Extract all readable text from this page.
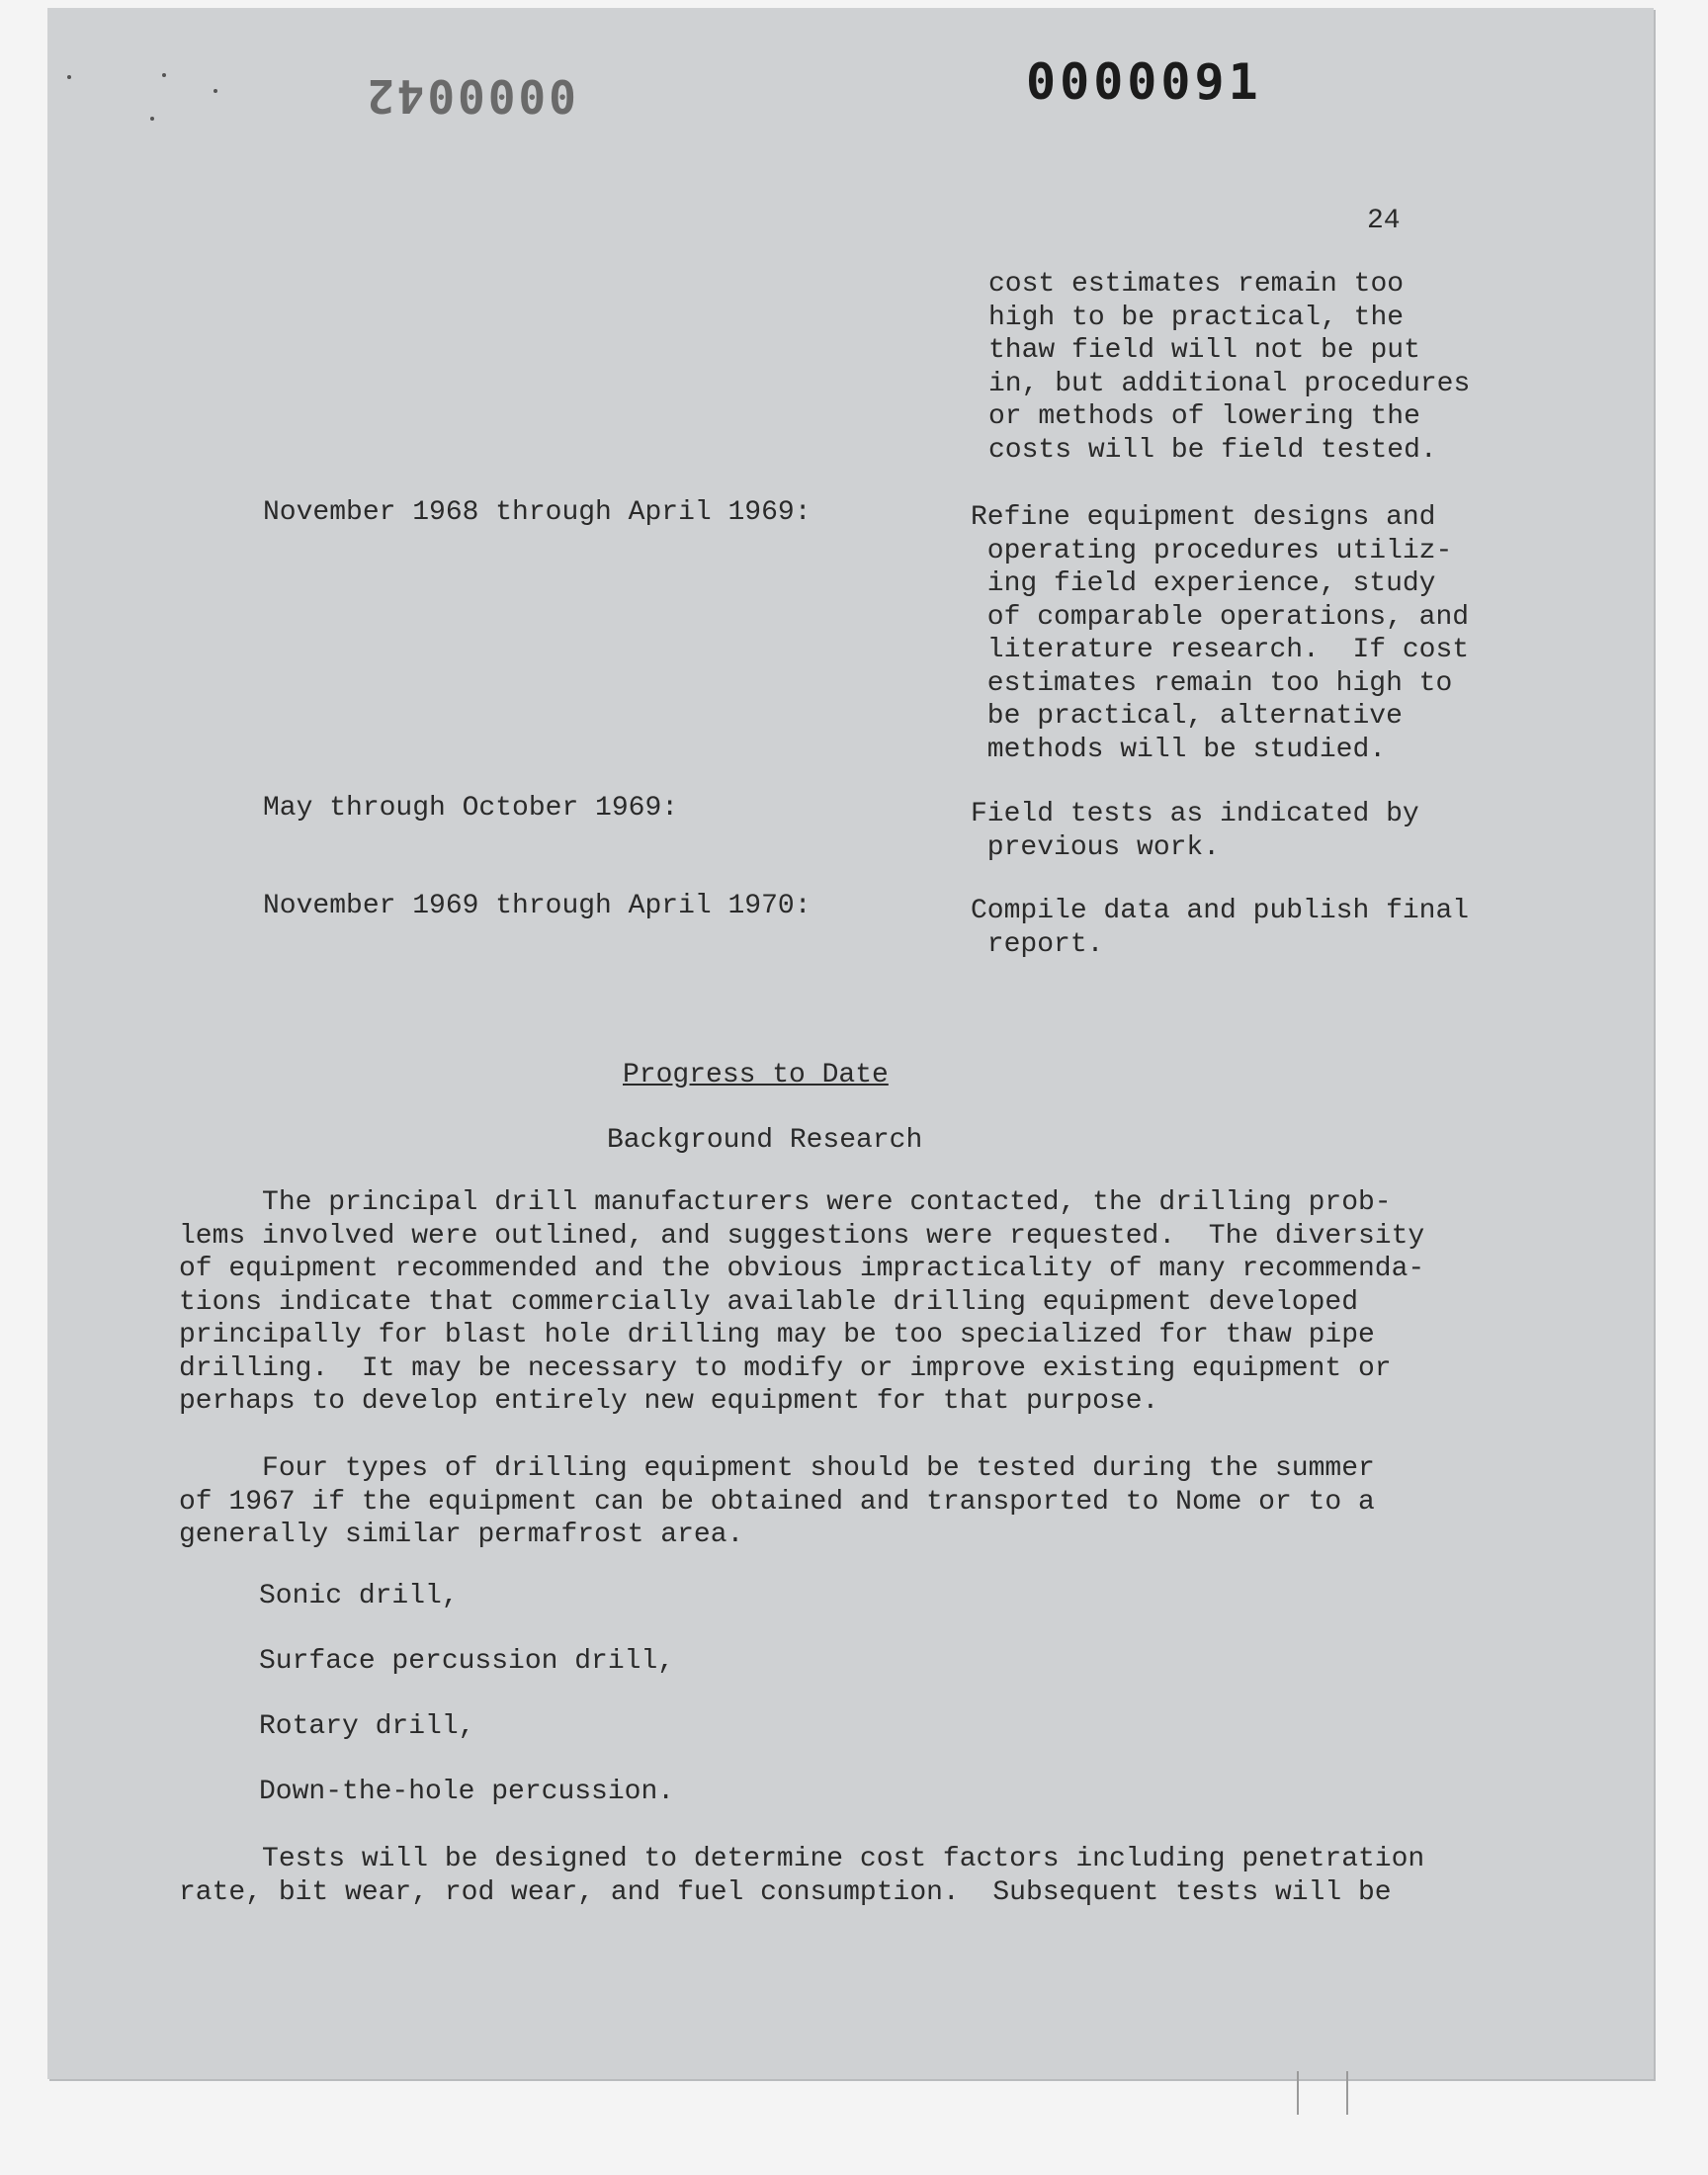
0000042	0000091
24
cost estimates remain too
high to be practical, the
thaw field will not be put
in, but additional procedures
or methods of lowering the
costs will be field tested.
November 1968 through April 1969:	Refine equipment designs and
operating procedures utiliz-
ing field experience, study
of comparable operations, and
literature research.  If cost
estimates remain too high to
be practical, alternative
methods will be studied.
May through October 1969:	Field tests as indicated by
previous work.
November 1969 through April 1970:	Compile data and publish final
report.
Progress to Date
Background Research
The principal drill manufacturers were contacted, the drilling prob-
lems involved were outlined, and suggestions were requested.  The diversity
of equipment recommended and the obvious impracticality of many recommenda-
tions indicate that commercially available drilling equipment developed
principally for blast hole drilling may be too specialized for thaw pipe
drilling.  It may be necessary to modify or improve existing equipment or
perhaps to develop entirely new equipment for that purpose.
Four types of drilling equipment should be tested during the summer
of 1967 if the equipment can be obtained and transported to Nome or to a
generally similar permafrost area.
Sonic drill,
Surface percussion drill,
Rotary drill,
Down-the-hole percussion.
Tests will be designed to determine cost factors including penetration
rate, bit wear, rod wear, and fuel consumption.  Subsequent tests will be
